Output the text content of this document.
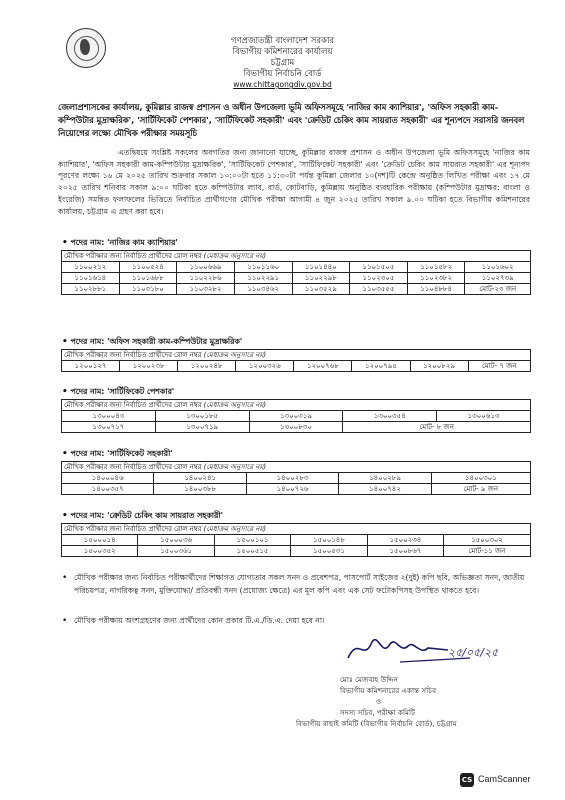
গণপ্রজাতন্ত্রী বাংলাদেশ সরকার
বিভাগীয় কমিশনারের কার্যালয়
চট্টগ্রাম
বিভাগীয় নির্বাচনি বোর্ড
www.chittagongdiv.gov.bd
জেলাপ্রশাসকের কার্যালয়, কুমিল্লার রাজস্ব প্রশাসন ও অধীন উপজেলা ভূমি অফিসসমূহে 'নাজির কাম ক্যাশিয়ার', 'অফিস সহকারী কাম-কম্পিউটার মুদ্রাক্ষরিক', 'সার্টিফিকেট পেশকার', 'সার্টিফিকেট সহকারী' এবং 'ক্রেডিট চেকিং কাম সায়রাত সহকারী' এর শূন্যপদে সরাসরি জনবল নিয়োগের লক্ষ্যে মৌখিক পরীক্ষার সময়সূচি
এতদ্বিষয়ে সংশ্লিষ্ট সকলের অবগতির জন্য জানানো যাচ্ছে, কুমিল্লার রাজস্ব প্রশাসন ও অধীন উপজেলা ভূমি অফিসসমূহে 'নাজির কাম ক্যাশিয়ার', 'অফিস সহকারী কাম-কম্পিউটার মুদ্রাক্ষরিক', 'সার্টিফিকেট পেশকার', 'সার্টিফিকেট সহকারী' এবং 'ক্রেডিট চেকিং কাম সায়রাত সহকারী' এর শূন্যপদ পূরণের লক্ষ্যে ১৬ মে ২০২৫ তারিখ শুক্রবার সকাল ১০:০০টা হতে ১১:৩০টা পর্যন্ত কুমিল্লা জেলার ১০(দশ)টি কেন্দ্রে অনুষ্ঠিত লিখিত পরীক্ষা এবং ১৭ মে ২০২৫ তারিখ শনিবার সকাল ৯:০০ ঘটিকা হতে কম্পিউটার ল্যাব, বার্ড, কোটবাড়ি, কুমিল্লায় অনুষ্ঠিত ব্যবহারিক পরীক্ষায় (কম্পিউটার মুদ্রাক্ষর: বাংলা ও ইংরেজি) সমন্বিত ফলাফলের ভিত্তিতে নির্বাচিত প্রার্থীগণের মৌখিক পরীক্ষা আগামী ৪ জুন ২০২৫ তারিখ সকাল ৯.০০ ঘটিকা হতে বিভাগীয় কমিশনারের কার্যালয়, চট্টগ্রাম এ গ্রহণ করা হবে।
• পদের নাম: 'নাজির কাম ক্যাশিয়ার'
মৌখিক পরীক্ষার জন্য নির্বাচিত প্রার্থীদের রোল নম্বর (মেধাক্রম অনুসারে নয়)							
১১০০২১২	১১০০৫২৪	১১০০৬৬৯	১১০১১৬০	১১০১৪৪০	১১০১৫০৫	১১০১৫৮২	১১০১৬০২
১১০১৬১৪	১১০১৬৮৮	১১০২২৮৬	১১০২২৯১	১১০২২৯৮	১১০২৩০৫	১১০২৩৮২	১১০২৭৩৯
১১০২৮৮১	১১০৩১৮০	১১০৩২৮২	১১০৩৪৬২	১১০৩৫২৯	১১০৩৫৫৫	১১০৪৮৮৪	মোট-২৩ জন
• পদের নাম: 'অফিস সহকারী কাম-কম্পিউটার মুদ্রাক্ষরিক'
মৌখিক পরীক্ষার জন্য নির্বাচিত প্রার্থীদের রোল নম্বর (মেধাক্রম অনুসারে নয়)
১২০০১২৭	১২০০২৩৮	১২০০২৪৮	১২০০৩২৬	১২০০৭৬৮	১২০০৭৯৫	১২০০৮২৯	মোট- ৭ জন
• পদের নাম: 'সার্টিফিকেট পেশকার'
মৌখিক পরীক্ষার জন্য নির্বাচিত প্রার্থীদের রোল নম্বর (মেধাক্রম অনুসারে নয়)				
১৩০০০৪৩	১৩০০১৮৫	১৩০০৩১৯	১৩০০৩৫৪	১৩০০৬১৩
১৩০০৭১৭	১৩০০৭১৯	১৩০০৮৩০	মোট- ৮ জন	
• পদের নাম: 'সার্টিফিকেট সহকারী'
মৌখিক পরীক্ষার জন্য নির্বাচিত প্রার্থীদের রোল নম্বর (মেধাক্রম অনুসারে নয়)				
১৪০০০৪৬	১৪০০২৪১	১৪০০২৮৩	১৪০০২৮৯	১৪০০৩০১
১৪০০৩৫৭	১৪০০৩৮৮	১৪০০৭২৬	১৪০০৭৪২	মোট- ৯ জন
• পদের নাম: 'ক্রেডিট চেকিং কাম সায়রাত সহকারী'
মৌখিক পরীক্ষার জন্য নির্বাচিত প্রার্থীদের রোল নম্বর (মেধাক্রম অনুসারে নয়)					
১৫০০০১৪	১৫০০০৩৬	১৫০০১০১	১৫০০১৪৮	১৫০০২৩৪	১৫০০৩০২
১৫০০৩৫২	১৫০০৩৬১	১৫০০৫১৫	১৫০০৫৩১	১৫০০৮৬৭	মোট-১১ জন
• মৌখিক পরীক্ষার জন্য নির্বাচিত পরীক্ষার্থীদের শিক্ষাগত যোগ্যতার সকল সনদ ও প্রবেশপত্র, পাসপোর্ট সাইজের ২(দুই) কপি ছবি, অভিজ্ঞতা সনদ, জাতীয় পরিচয়পত্র, নাগরিকত্ব সনদ, মুক্তিযোদ্ধা/ প্রতিবন্ধী সনদ (প্রযোজ্য ক্ষেত্রে) এর মূল কপি এবং এক সেট ফটোকপিসহ উপস্থিত থাকতে হবে।
• মৌখিক পরীক্ষায় অংশগ্রহণের জন্য প্রার্থীদের কোন প্রকার টি.এ./ডি.এ. দেয়া হবে না।
২৫/০৫/২৫
মোঃ মেজবাহ উদ্দিন
বিভাগীয় কমিশনারের একান্ত সচিব
ও
সদস্য সচিব, পরীক্ষা কমিটি
বিভাগীয় বাছাই কমিটি (বিভাগীয় নির্বাচনি বোর্ড), চট্টগ্রাম
CS CamScanner
